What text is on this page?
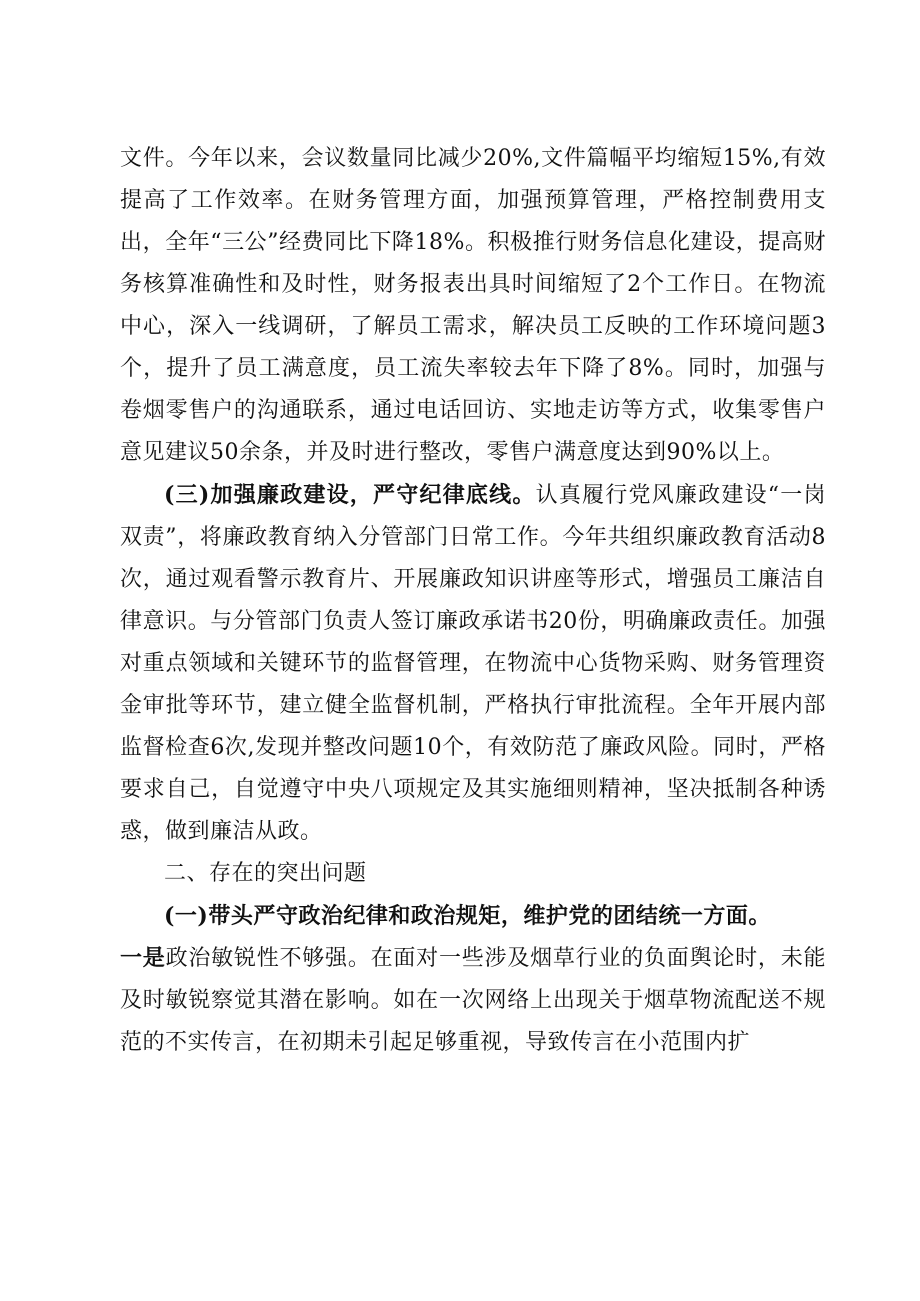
文件。今年以来，会议数量同比减少20%,文件篇幅平均缩短15%,有效提高了工作效率。在财务管理方面，加强预算管理，严格控制费用支出，全年“三公”经费同比下降18%。积极推行财务信息化建设，提高财务核算准确性和及时性，财务报表出具时间缩短了2个工作日。在物流中心，深入一线调研，了解员工需求，解决员工反映的工作环境问题3个，提升了员工满意度，员工流失率较去年下降了8%。同时，加强与卷烟零售户的沟通联系，通过电话回访、实地走访等方式，收集零售户意见建议50余条，并及时进行整改，零售户满意度达到90%以上。

(三)加强廉政建设，严守纪律底线。认真履行党风廉政建设“一岗双责”，将廉政教育纳入分管部门日常工作。今年共组织廉政教育活动8次，通过观看警示教育片、开展廉政知识讲座等形式，增强员工廉洁自律意识。与分管部门负责人签订廉政承诺书20份，明确廉政责任。加强对重点领域和关键环节的监督管理，在物流中心货物采购、财务管理资金审批等环节，建立健全监督机制，严格执行审批流程。全年开展内部监督检查6次,发现并整改问题10个，有效防范了廉政风险。同时，严格要求自己，自觉遵守中央八项规定及其实施细则精神，坚决抵制各种诱惑，做到廉洁从政。

二、存在的突出问题

(一)带头严守政治纪律和政治规矩，维护党的团结统一方面。

一是政治敏锐性不够强。在面对一些涉及烟草行业的负面舆论时，未能及时敏锐察觉其潜在影响。如在一次网络上出现关于烟草物流配送不规范的不实传言，在初期未引起足够重视，导致传言在小范围内扩
